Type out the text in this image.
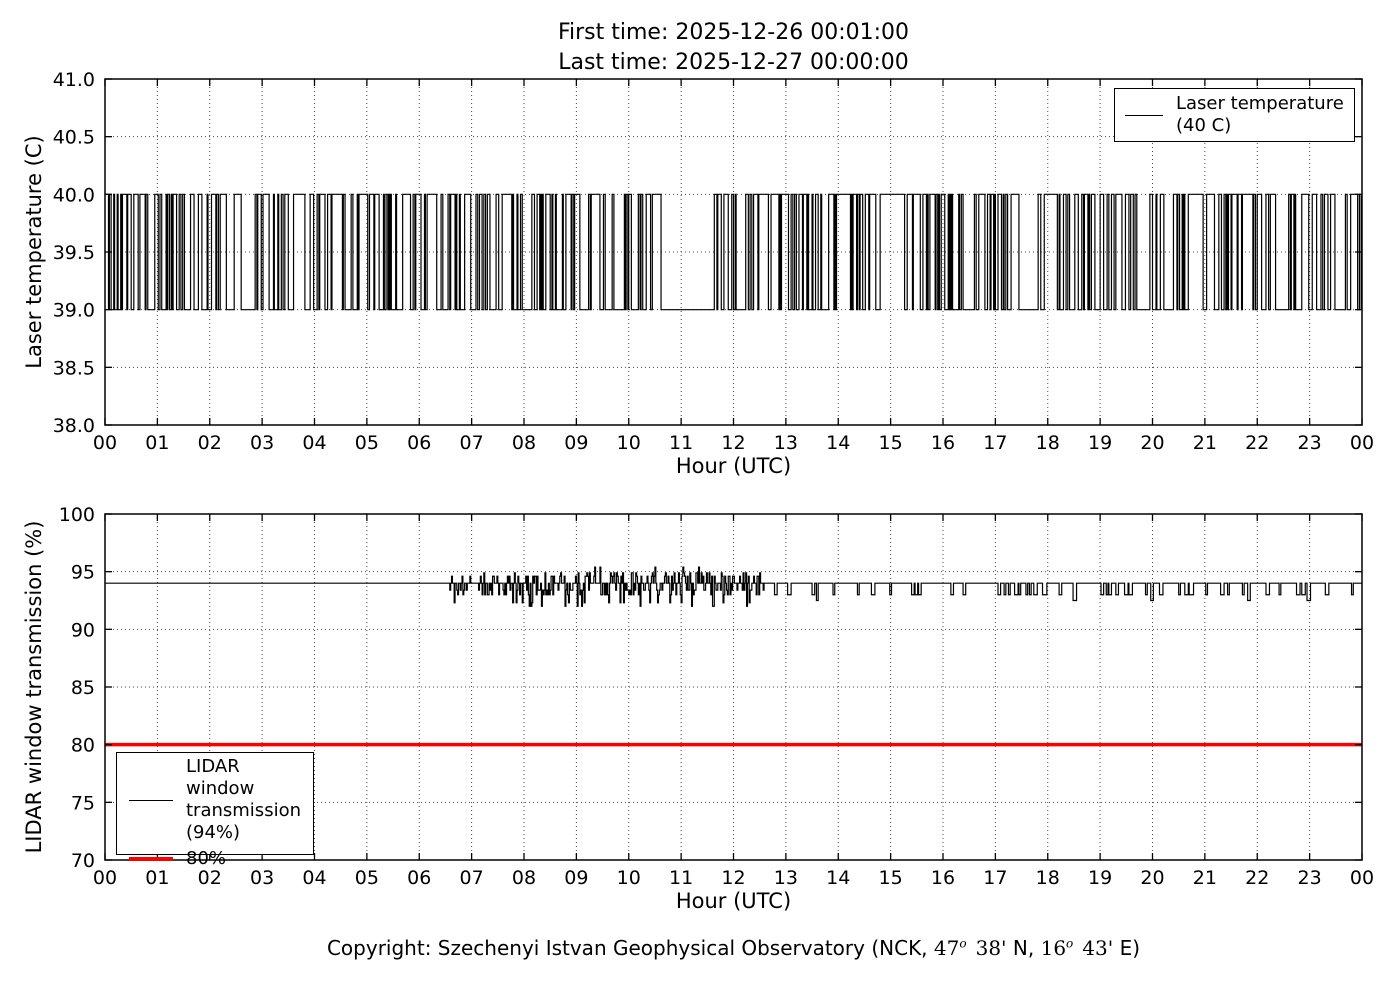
00 01 02 03 04 05 06 07 08 09 10 11 12 13 14 15 16 17 18 19 20 21 22 23 00
41.0
40.5
40.0
39.5
39.0
38.5
38.0
00 01 02 03 04 05 06 07 08 09 10 11 12 13 14 15 16 17 18 19 20 21 22 23 00
100
95
90
85
80
75
70
First time: 2025-12-26 00:01:00
Last time: 2025-12-27 00:00:00
Laser temperature (C)
Hour (UTC)
LIDAR window transmission (%)
Hour (UTC)
Laser temperature
(40 C)
LIDAR window
transmission
(94%)
80%
Copyright: Szechenyi Istvan Geophysical Observatory (NCK, 47$^o$ 38' N, 16$^o$ 43' E)
